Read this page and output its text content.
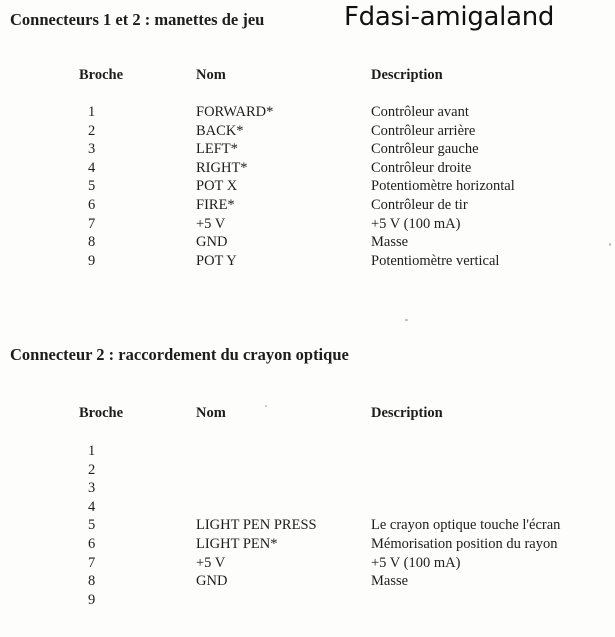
Connecteurs 1 et 2 : manettes de jeu	Fdasi-amigaland
Broche	Nom	Description
1	FORWARD*	Contrôleur avant
2	BACK*	Contrôleur arrière
3	LEFT*	Contrôleur gauche
4	RIGHT*	Contrôleur droite
5	POT X	Potentiomètre horizontal
6	FIRE*	Contrôleur de tir
7	+5 V	+5 V (100 mA)
8	GND	Masse
9	POT Y	Potentiomètre vertical
Connecteur 2 : raccordement du crayon optique
Broche	Nom	Description
1
2
3
4
5	LIGHT PEN PRESS	Le crayon optique touche l'écran
6	LIGHT PEN*	Mémorisation position du rayon
7	+5 V	+5 V (100 mA)
8	GND	Masse
9
